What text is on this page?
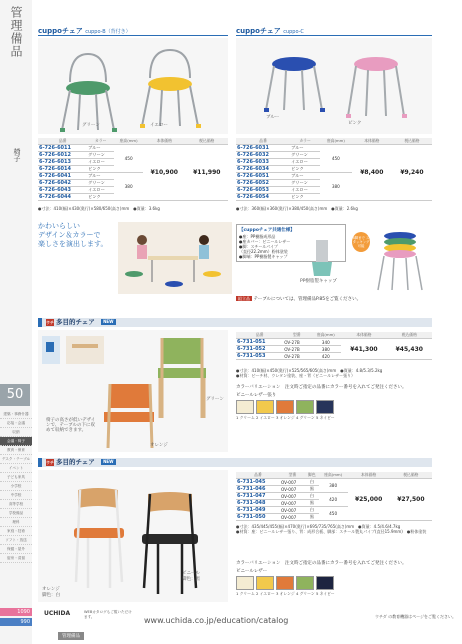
管理備品
椅子
50
建築・事務什器
応接・会議
収納
会議・椅子
教育・保育
デスク・テーブル
イベント
子ども家具
小学校
中学校
高等学校
学校備品
理科
家庭・技術
ソフト・放送
保健・屋外
厨房・清掃
1090
990
cuppoチェア cuppo-B（背付き）
グリーン	イエロー
品番	カラー	座高(mm)	本体価格	税込価格
6-726-6011	ブルー	450	¥10,900	¥11,990
6-726-6012	グリーン			
6-726-6013	イエロー			
6-726-6014	ピンク			
6-726-6041	ブルー	380		
6-726-6042	グリーン			
6-726-6043	イエロー			
6-726-6044	ピンク			
●寸法：410(幅)×430(奥行)×580/650(高さ)mm　●質量：3.6kg
cuppoチェア cuppo-C
ブルー
ピンク
品番	カラー	座高(mm)	本体価格	税込価格
6-726-6031	ブルー	450	¥8,400	¥9,240
6-726-6032	グリーン			
6-726-6033	イエロー			
6-726-6034	ピンク			
6-726-6051	ブルー	380		
6-726-6052	グリーン			
6-726-6053	イエロー			
6-726-6054	ピンク			
●寸法：360(幅)×360(奥行)×380/450(高さ)mm　●質量：2.6kg
かわいらしい
デザイン＆カラーで
楽しさを演出します。
【cuppoチェア共通仕様】
●座：PP樹脂成形品
●座カバー：ビニールレザー
●脚：スチールパイプ
（直径22.2mm）粉体塗装
●脚端：PP樹脂製キャップ
PP樹脂製キャップ
4脚まで スタッキング 可能
組立品 テーブルについては、管理備品P.85をご覧ください。
ウチ 多目的チェア NEW
椅子の高さが低いデザインで、テーブルの下に収めて収納できます。
グリーン
オレンジ
品番	型番	座高(mm)	本体価格	税込価格
6-731-051	OV-27B	340	¥41,300	¥45,430
6-731-052	OV-27B	380		
6-731-053	OV-27B	420		
●寸法：410(幅)×450(奥行)×525/565/605(高さ)mm　●質量：4.8/5.3/5.2kg
●材質：ビーチ材、ウレタン塗装、座・背（ビニールレザー張り）
カラーバリエーション　注文時ご指定の品番にカラー番号を入れてご発注ください。
ビニールレザー張り
1 クリーム 2 イエロー 3 オレンジ 4 グリーン 5 ネイビー
ウチ 多目的チェア NEW
オレンジ
脚色：白
ビニール
脚色：黒
品番	型番	脚色	座高(mm)	本体価格	税込価格
6-731-045	OV-007	白	380	¥25,000	¥27,500
6-731-046	OV-007	黒			
6-731-047	OV-007	白	420		
6-731-048	OV-007	黒			
6-731-049	OV-007	白	450		
6-731-050	OV-007	黒			
●寸法：435/445/455(幅)×470(奥行)×695/735/765(高さ)mm　●質量：4.5/4.6/4.7kg
●材質：座：ビニールレザー張り、背：成形合板、脚部：スチール製丸パイプ(直径15.9mm)　●粉体塗装
カラーバリエーション　注文時ご指定の品番にカラー番号を入れてご発注ください。
ビニールレザー
1 クリーム 2 イエロー 3 オレンジ 4 グリーン 5 ネイビー
UCHIDA	WEBカタログもご覧いただけます。	www.uchida.co.jp/education/catalog	ウチダ の教育機器はページをご覧ください。
管理備品
